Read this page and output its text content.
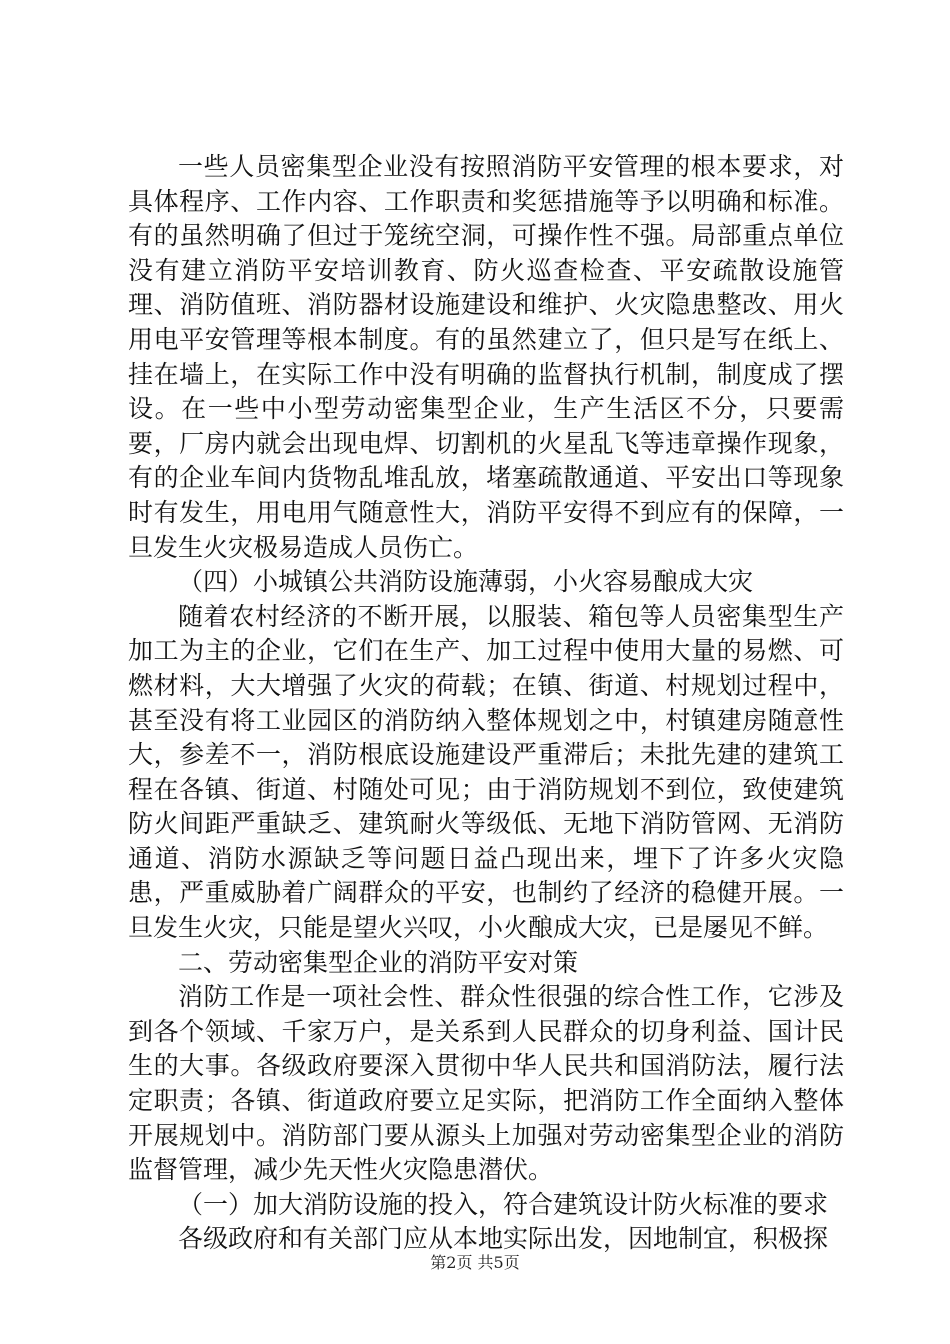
一些人员密集型企业没有按照消防平安管理的根本要求，对具体程序、工作内容、工作职责和奖惩措施等予以明确和标准。有的虽然明确了但过于笼统空洞，可操作性不强。局部重点单位没有建立消防平安培训教育、防火巡查检查、平安疏散设施管理、消防值班、消防器材设施建设和维护、火灾隐患整改、用火用电平安管理等根本制度。有的虽然建立了，但只是写在纸上、挂在墙上，在实际工作中没有明确的监督执行机制，制度成了摆设。在一些中小型劳动密集型企业，生产生活区不分，只要需要，厂房内就会出现电焊、切割机的火星乱飞等违章操作现象，有的企业车间内货物乱堆乱放，堵塞疏散通道、平安出口等现象时有发生，用电用气随意性大，消防平安得不到应有的保障，一旦发生火灾极易造成人员伤亡。

（四）小城镇公共消防设施薄弱，小火容易酿成大灾

随着农村经济的不断开展，以服装、箱包等人员密集型生产加工为主的企业，它们在生产、加工过程中使用大量的易燃、可燃材料，大大增强了火灾的荷载；在镇、街道、村规划过程中，甚至没有将工业园区的消防纳入整体规划之中，村镇建房随意性大，参差不一，消防根底设施建设严重滞后；未批先建的建筑工程在各镇、街道、村随处可见；由于消防规划不到位，致使建筑防火间距严重缺乏、建筑耐火等级低、无地下消防管网、无消防通道、消防水源缺乏等问题日益凸现出来，埋下了许多火灾隐患，严重威胁着广阔群众的平安，也制约了经济的稳健开展。一旦发生火灾，只能是望火兴叹，小火酿成大灾，已是屡见不鲜。

二、劳动密集型企业的消防平安对策

消防工作是一项社会性、群众性很强的综合性工作，它涉及到各个领域、千家万户，是关系到人民群众的切身利益、国计民生的大事。各级政府要深入贯彻中华人民共和国消防法，履行法定职责；各镇、街道政府要立足实际，把消防工作全面纳入整体开展规划中。消防部门要从源头上加强对劳动密集型企业的消防监督管理，减少先天性火灾隐患潜伏。

（一）加大消防设施的投入，符合建筑设计防火标准的要求

各级政府和有关部门应从本地实际出发，因地制宜，积极探

第2页 共5页
